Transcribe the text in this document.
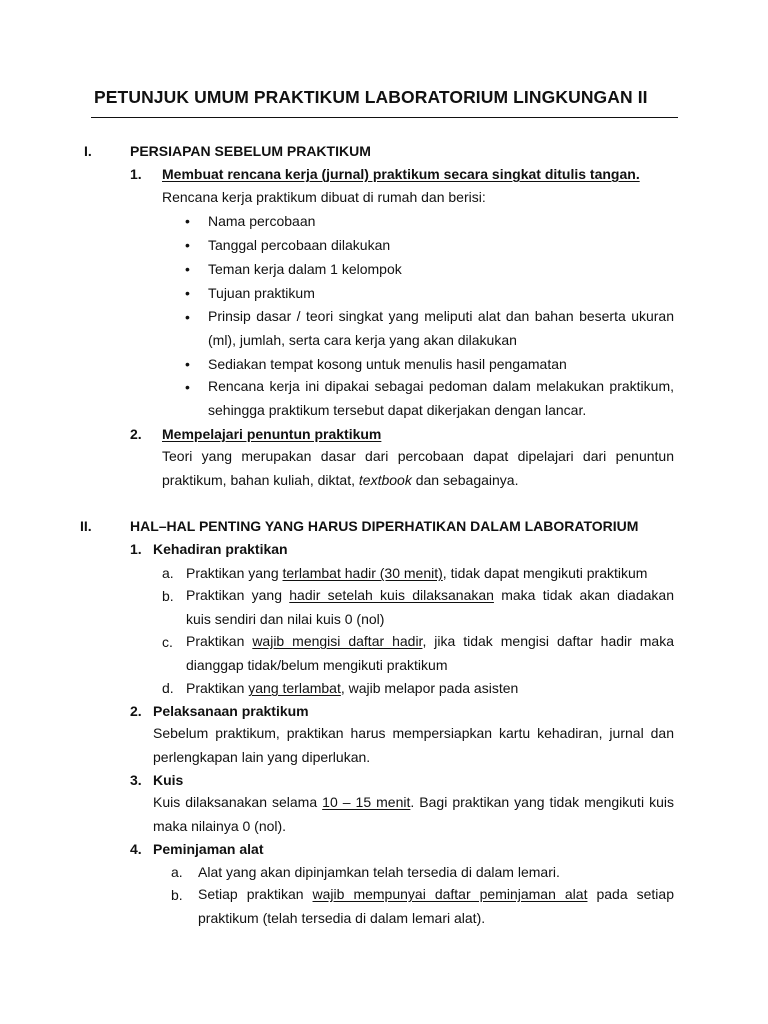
PETUNJUK UMUM PRAKTIKUM LABORATORIUM LINGKUNGAN II
I.	PERSIAPAN SEBELUM PRAKTIKUM
1. Membuat rencana kerja (jurnal) praktikum secara singkat ditulis tangan.
Rencana kerja praktikum dibuat di rumah dan berisi:
• Nama percobaan
• Tanggal percobaan dilakukan
• Teman kerja dalam 1 kelompok
• Tujuan praktikum
• Prinsip dasar / teori singkat yang meliputi alat dan bahan beserta ukuran
(ml), jumlah, serta cara kerja yang akan dilakukan
• Sediakan tempat kosong untuk menulis hasil pengamatan
• Rencana kerja ini dipakai sebagai pedoman dalam melakukan praktikum,
sehingga praktikum tersebut dapat dikerjakan dengan lancar.
2. Mempelajari penuntun praktikum
Teori yang merupakan dasar dari percobaan dapat dipelajari dari penuntun
praktikum, bahan kuliah, diktat, textbook dan sebagainya.
II.	HAL–HAL PENTING YANG HARUS DIPERHATIKAN DALAM LABORATORIUM
1. Kehadiran praktikan
a. Praktikan yang terlambat hadir (30 menit), tidak dapat mengikuti praktikum
b. Praktikan yang hadir setelah kuis dilaksanakan maka tidak akan diadakan
kuis sendiri dan nilai kuis 0 (nol)
c. Praktikan wajib mengisi daftar hadir, jika tidak mengisi daftar hadir maka
dianggap tidak/belum mengikuti praktikum
d. Praktikan yang terlambat, wajib melapor pada asisten
2. Pelaksanaan praktikum
Sebelum praktikum, praktikan harus mempersiapkan kartu kehadiran, jurnal dan
perlengkapan lain yang diperlukan.
3. Kuis
Kuis dilaksanakan selama 10 – 15 menit. Bagi praktikan yang tidak mengikuti kuis
maka nilainya 0 (nol).
4. Peminjaman alat
a. Alat yang akan dipinjamkan telah tersedia di dalam lemari.
b. Setiap praktikan wajib mempunyai daftar peminjaman alat pada setiap
praktikum (telah tersedia di dalam lemari alat).
